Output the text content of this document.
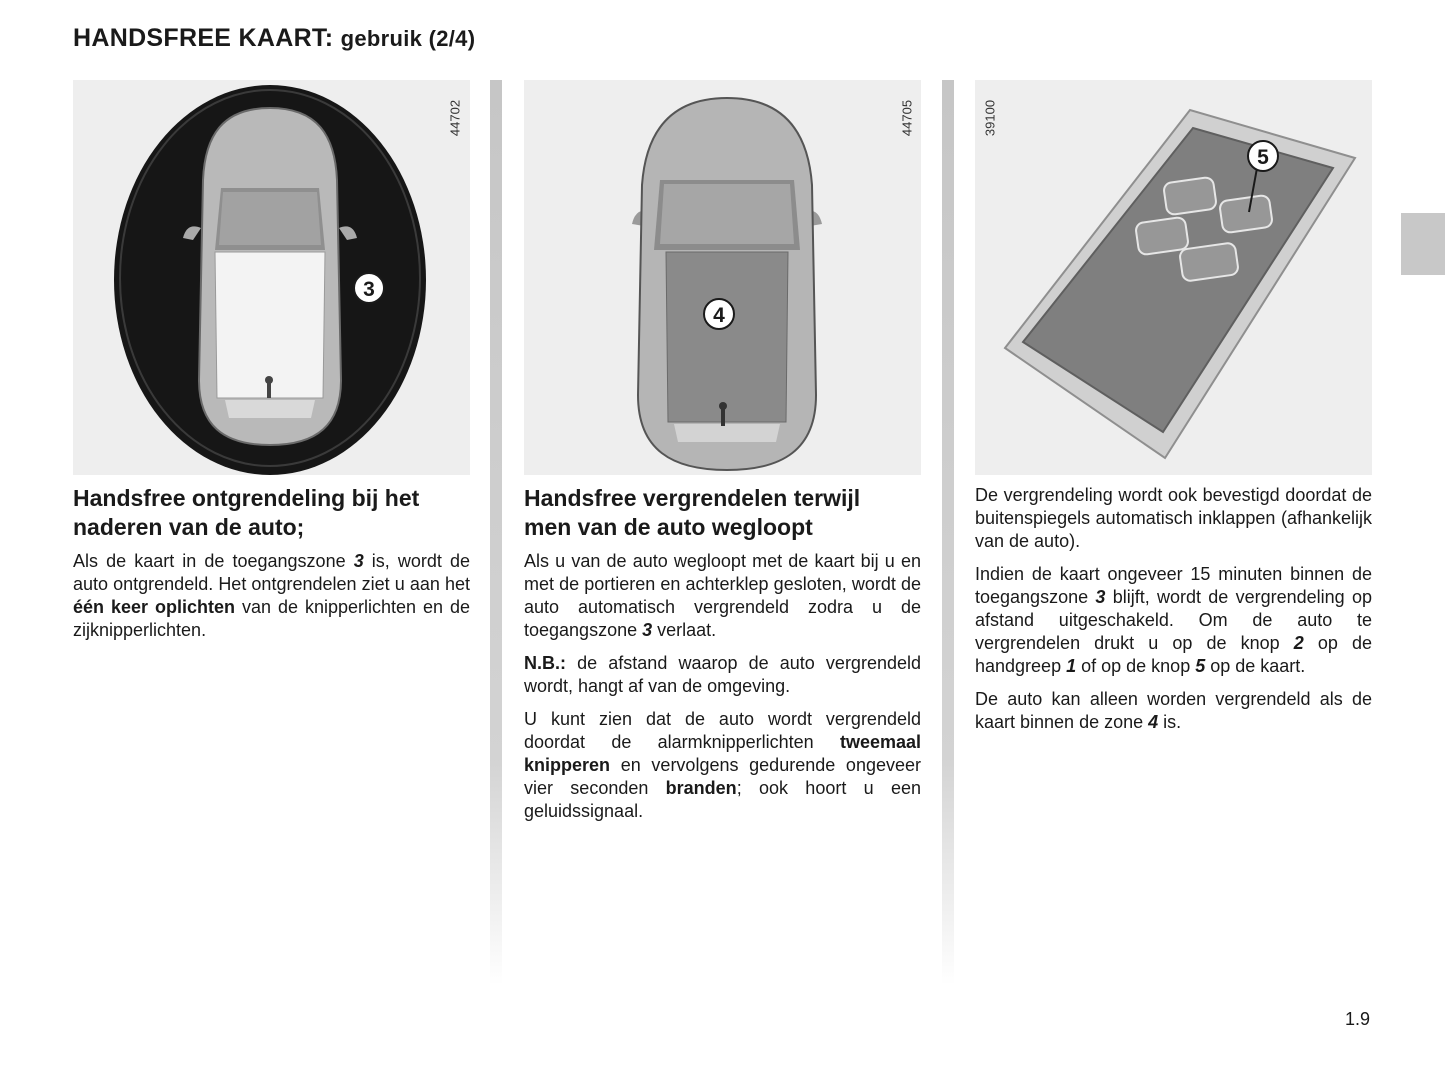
HANDSFREE KAART: gebruik (2/4)
3
44702
4
44705
5
39100
Handsfree ontgrendeling bij het
naderen van de auto;

Als de kaart in de toegangszone 3 is, wordt de auto ontgrendeld. Het ontgrendelen ziet u aan het één keer oplichten van de knipperlichten en de zijknipperlichten.

Handsfree vergrendelen terwijl
men van de auto wegloopt

Als u van de auto wegloopt met de kaart bij u en met de portieren en achterklep gesloten, wordt de auto automatisch vergrendeld zodra u de toegangszone 3 verlaat.

N.B.: de afstand waarop de auto vergrendeld wordt, hangt af van de omgeving.

U kunt zien dat de auto wordt vergrendeld doordat de alarmknipperlichten tweemaal knipperen en vervolgens gedurende ongeveer vier seconden branden; ook hoort u een geluidssignaal.

De vergrendeling wordt ook bevestigd doordat de buitenspiegels automatisch inklappen (afhankelijk van de auto).

Indien de kaart ongeveer 15 minuten binnen de toegangszone 3 blijft, wordt de vergrendeling op afstand uitgeschakeld. Om de auto te vergrendelen drukt u op de knop 2 op de handgreep 1 of op de knop 5 op de kaart.

De auto kan alleen worden vergrendeld als de kaart binnen de zone 4 is.

1.9
